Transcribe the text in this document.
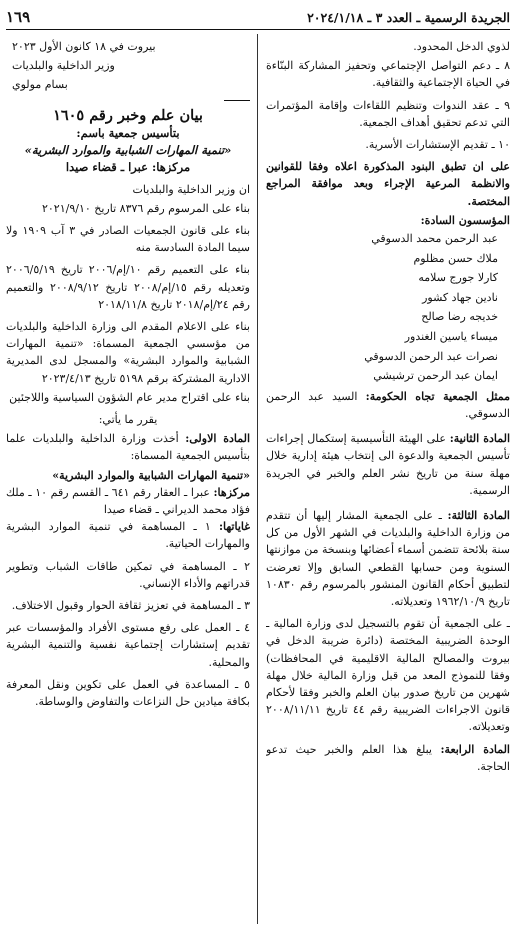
الجريدة الرسمية ـ العدد ٣ ـ ٢٠٢٤/١/١٨
١٦٩

لذوي الدخل المحدود.

٨ ـ دعم التواصل الإجتماعي وتحفيز المشاركة البنّاءة في الحياة الإجتماعية والثقافية.

٩ ـ عقد الندوات وتنظيم اللقاءات وإقامة المؤتمرات التي تدعم تحقيق أهداف الجمعية.

١٠ ـ تقديم الإستشارات الأسرية.

على ان تطبق البنود المذكورة اعلاه وفقا للقوانين والانظمة المرعية الإجراء وبعد موافقة المراجع المختصة.

المؤسسون السادة:

عبد الرحمن محمد الدسوقي

ملاك حسن مظلوم

كارلا جورج سلامه

نادين جهاد كشور

خديجه رضا صالح

ميساء ياسين الغندور

نصرات عبد الرحمن الدسوقي

ايمان عبد الرحمن ترشيشي

ممثل الجمعية تجاه الحكومة: السيد عبد الرحمن الدسوقي.

المادة الثانية: على الهيئة التأسيسية إستكمال إجراءات تأسيس الجمعية والدعوة الى إنتخاب هيئة إدارية خلال مهلة سنة من تاريخ نشر العلم والخبر في الجريدة الرسمية.

المادة الثالثة: ـ على الجمعية المشار إليها أن تتقدم من وزارة الداخلية والبلديات في الشهر الأول من كل سنة بلائحة تتضمن أسماء أعضائها وبنسخة من موازنتها السنوية ومن حسابها القطعي السابق وإلا تعرضت لتطبيق أحكام القانون المنشور بالمرسوم رقم ١٠٨٣٠ تاريخ ١٩٦٢/١٠/٩ وتعديلاته.

ـ على الجمعية أن تقوم بالتسجيل لدى وزارة المالية ـ الوحدة الضريبية المختصة (دائرة ضريبة الدخل في بيروت والمصالح المالية الاقليمية في المحافظات) وفقا للنموذج المعد من قبل وزارة المالية خلال مهلة شهرين من تاريخ صدور بيان العلم والخبر وفقا لأحكام قانون الاجراءات الضريبية رقم ٤٤ تاريخ ٢٠٠٨/١١/١١ وتعديلاته.

المادة الرابعة: يبلغ هذا العلم والخبر حيث تدعو الحاجة.

بيروت في ١٨ كانون الأول ٢٠٢٣

وزير الداخلية والبلديات

بسام مولوي

بيان علم وخبر رقم ١٦٠٥

بتأسيس جمعية باسم:

«تنمية المهارات الشبابية والموارد البشرية»

مركزها: عبرا ـ قضاء صيدا

ان وزير الداخلية والبلديات

بناء على المرسوم رقم ٨٣٧٦ تاريخ ٢٠٢١/٩/١٠

بناء على قانون الجمعيات الصادر في ٣ آب ١٩٠٩ ولا سيما المادة السادسة منه

بناء على التعميم رقم ١٠/إم/٢٠٠٦ تاريخ ٢٠٠٦/٥/١٩ وتعديله رقم ١٥/إم/٢٠٠٨ تاريخ ٢٠٠٨/٩/١٢ والتعميم رقم ٢٤/إم/٢٠١٨ تاريخ ٢٠١٨/١١/٨

بناء على الاعلام المقدم الى وزارة الداخلية والبلديات من مؤسسي الجمعية المسماة: «تنمية المهارات الشبابية والموارد البشرية» والمسجل لدى المديرية الادارية المشتركة برقم ٥١٩٨ تاريخ ٢٠٢٣/٤/١٣

بناء على اقتراح مدير عام الشؤون السياسية واللاجئين

يقرر ما يأتي:

المادة الاولى: أخذت وزارة الداخلية والبلديات علما بتأسيس الجمعية المسماة:

«تنمية المهارات الشبابية والموارد البشرية»

مركزها: عبرا ـ العقار رقم ٦٤١ ـ القسم رقم ١٠ ـ ملك فؤاد محمد الديراني ـ قضاء صيدا

غاياتها: ١ ـ المساهمة في تنمية الموارد البشرية والمهارات الحياتية.

٢ ـ المساهمة في تمكين طاقات الشباب وتطوير قدراتهم والأداء الإنساني.

٣ ـ المساهمة في تعزيز ثقافة الحوار وقبول الاختلاف.

٤ ـ العمل على رفع مستوى الأفراد والمؤسسات عبر تقديم إستشارات إجتماعية نفسية والتنمية البشرية والمحلية.

٥ ـ المساعدة في العمل على تكوين ونقل المعرفة بكافة ميادين حل النزاعات والتفاوض والوساطة.
